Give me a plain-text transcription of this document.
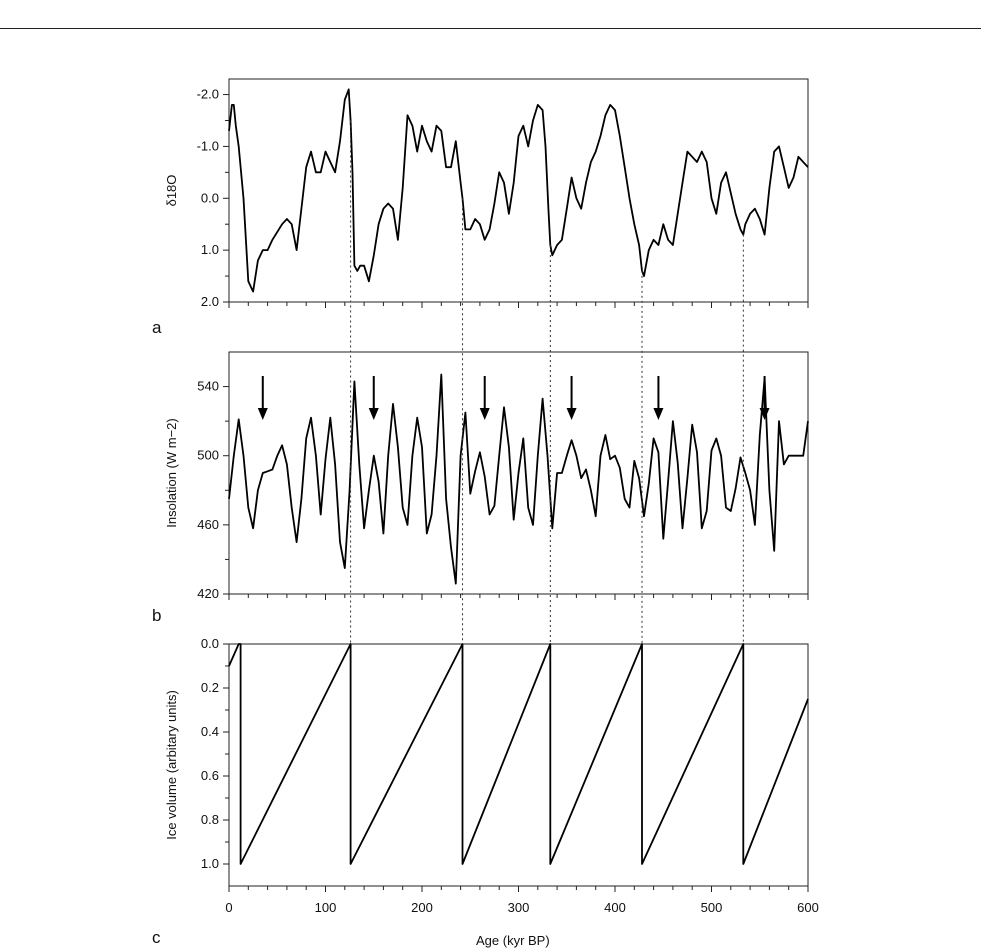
-2.0
-1.0
0.0
1.0
2.0
δ18O
420
460
500
540
Insolation (W m−2)
0.0
0.2
0.4
0.6
0.8
1.0
Ice volume (arbitary units)
0	100	200	300	400	500	600
a
b
c	Age (kyr BP)
